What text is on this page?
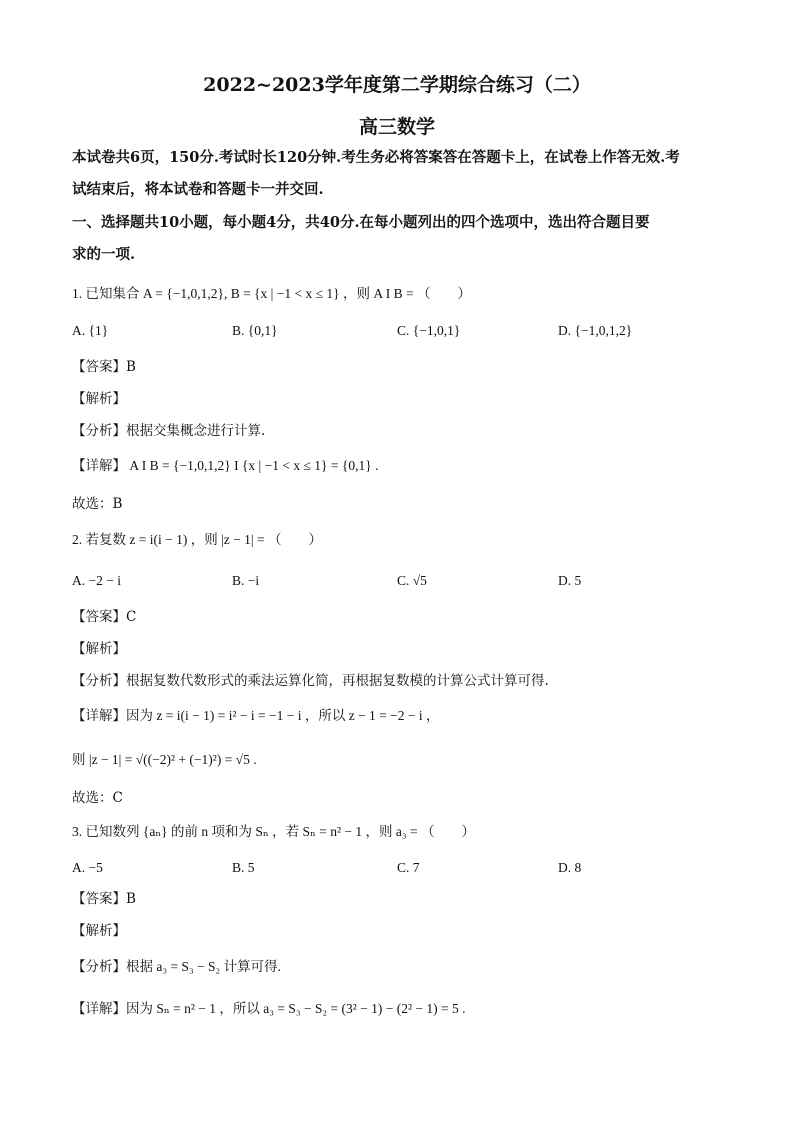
2022~2023学年度第二学期综合练习（二）
高三数学
本试卷共6页，150分.考试时长120分钟.考生务必将答案答在答题卡上，在试卷上作答无效.考
试结束后，将本试卷和答题卡一并交回.
一、选择题共10小题，每小题4分，共40分.在每小题列出的四个选项中，选出符合题目要
求的一项.
1. 已知集合 A = {−1,0,1,2}, B = {x | −1 < x ≤ 1} ，则 A I B = （　　）
A. {1}	B. {0,1}	C. {−1,0,1}	D. {−1,0,1,2}
【答案】B
【解析】
【分析】根据交集概念进行计算.
【详解】 A I B = {−1,0,1,2} I {x | −1 < x ≤ 1} = {0,1} .
故选：B
2. 若复数 z = i(i − 1) ，则 |z − 1| = （　　）
A. −2 − i	B. −i	C. √5	D. 5
【答案】C
【解析】
【分析】根据复数代数形式的乘法运算化简，再根据复数模的计算公式计算可得.
【详解】因为 z = i(i − 1) = i² − i = −1 − i ，所以 z − 1 = −2 − i ，
则 |z − 1| = √((−2)² + (−1)²) = √5 .
故选：C
3. 已知数列 {aₙ} 的前 n 项和为 Sₙ ，若 Sₙ = n² − 1 ，则 a₃ = （　　）
A. −5	B. 5	C. 7	D. 8
【答案】B
【解析】
【分析】根据 a₃ = S₃ − S₂ 计算可得.
【详解】因为 Sₙ = n² − 1 ，所以 a₃ = S₃ − S₂ = (3² − 1) − (2² − 1) = 5 .
